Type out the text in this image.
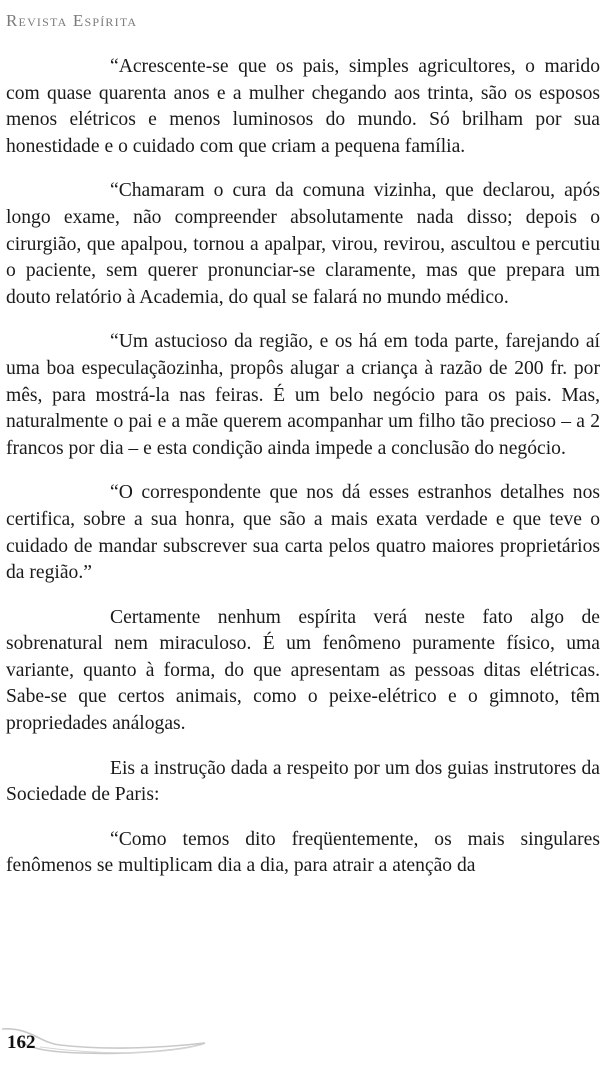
Revista Espírita

“Acrescente-se que os pais, simples agricultores, o marido com quase quarenta anos e a mulher chegando aos trinta, são os esposos menos elétricos e menos luminosos do mundo. Só brilham por sua honestidade e o cuidado com que criam a pequena família.

“Chamaram o cura da comuna vizinha, que declarou, após longo exame, não compreender absolutamente nada disso; depois o cirurgião, que apalpou, tornou a apalpar, virou, revirou, ascultou e percutiu o paciente, sem querer pronunciar-se claramente, mas que prepara um douto relatório à Academia, do qual se falará no mundo médico.

“Um astucioso da região, e os há em toda parte, farejando aí uma boa especulaçãozinha, propôs alugar a criança à razão de 200 fr. por mês, para mostrá-la nas feiras. É um belo negócio para os pais. Mas, naturalmente o pai e a mãe querem acompanhar um filho tão precioso – a 2 francos por dia – e esta condição ainda impede a conclusão do negócio.

“O correspondente que nos dá esses estranhos detalhes nos certifica, sobre a sua honra, que são a mais exata verdade e que teve o cuidado de mandar subscrever sua carta pelos quatro maiores proprietários da região.”

Certamente nenhum espírita verá neste fato algo de sobrenatural nem miraculoso. É um fenômeno puramente físico, uma variante, quanto à forma, do que apresentam as pessoas ditas elétricas. Sabe-se que certos animais, como o peixe-elétrico e o gimnoto, têm propriedades análogas.

Eis a instrução dada a respeito por um dos guias instrutores da Sociedade de Paris:

“Como temos dito freqüentemente, os mais singulares fenômenos se multiplicam dia a dia, para atrair a atenção da

162
